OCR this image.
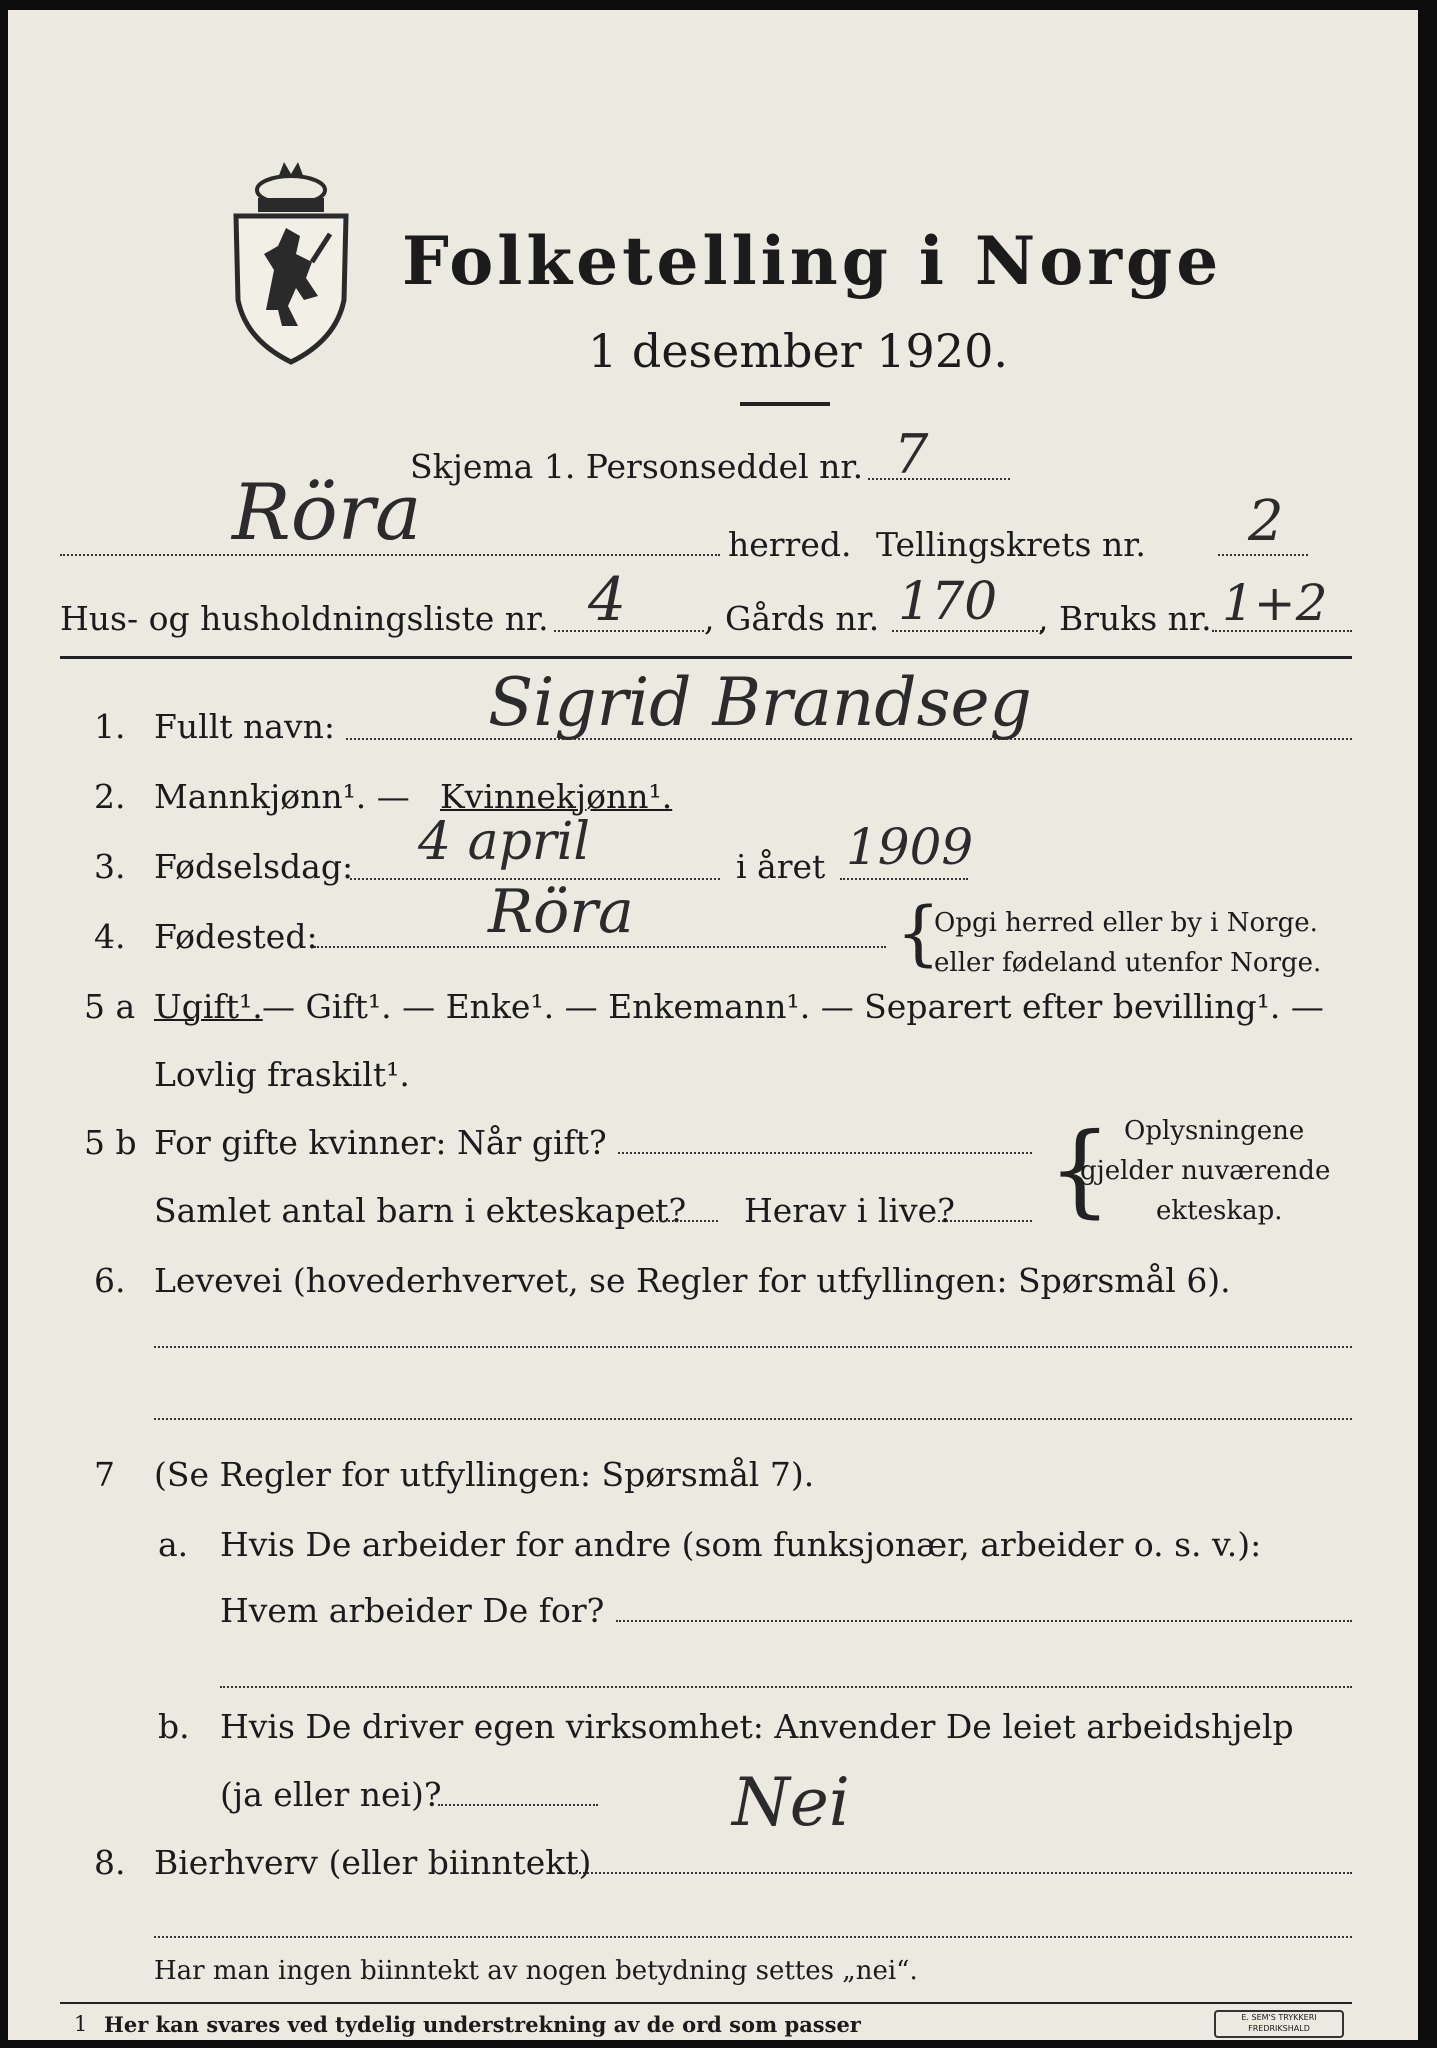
Folketelling i Norge
1 desember 1920.
Skjema 1. Personseddel nr. 7
Röra	herred. Tellingskrets nr. 2
Hus- og husholdningsliste nr. 4 , Gårds nr. 170 , Bruks nr. 1+2
1. Fullt navn: Sigrid Brandseg
2. Mannkjønn¹. — Kvinnekjønn¹.
3. Fødselsdag: 4 april	i året 1909
4. Fødested:	Röra	{
Opgi herred eller by i Norge.
eller fødeland utenfor Norge.
5 a Ugift¹. — Gift¹. — Enke¹. — Enkemann¹. — Separert efter bevilling¹. —
Lovlig fraskilt¹.
5 b For gifte kvinner: Når gift?
Samlet antal barn i ekteskapet? Herav i live? { Oplysningene
gjelder nuværende
ekteskap.
6. Levevei (hovederhvervet, se Regler for utfyllingen: Spørsmål 6).
7 (Se Regler for utfyllingen: Spørsmål 7).
a. Hvis De arbeider for andre (som funksjonær, arbeider o. s. v.):
Hvem arbeider De for?
b. Hvis De driver egen virksomhet: Anvender De leiet arbeidshjelp
(ja eller nei)?	Nei
8. Bierhverv (eller biinntekt)
Har man ingen biinntekt av nogen betydning settes „nei“.
1 Her kan svares ved tydelig understrekning av de ord som passer	E. SEM'S TRYKKERI
FREDRIKSHALD
